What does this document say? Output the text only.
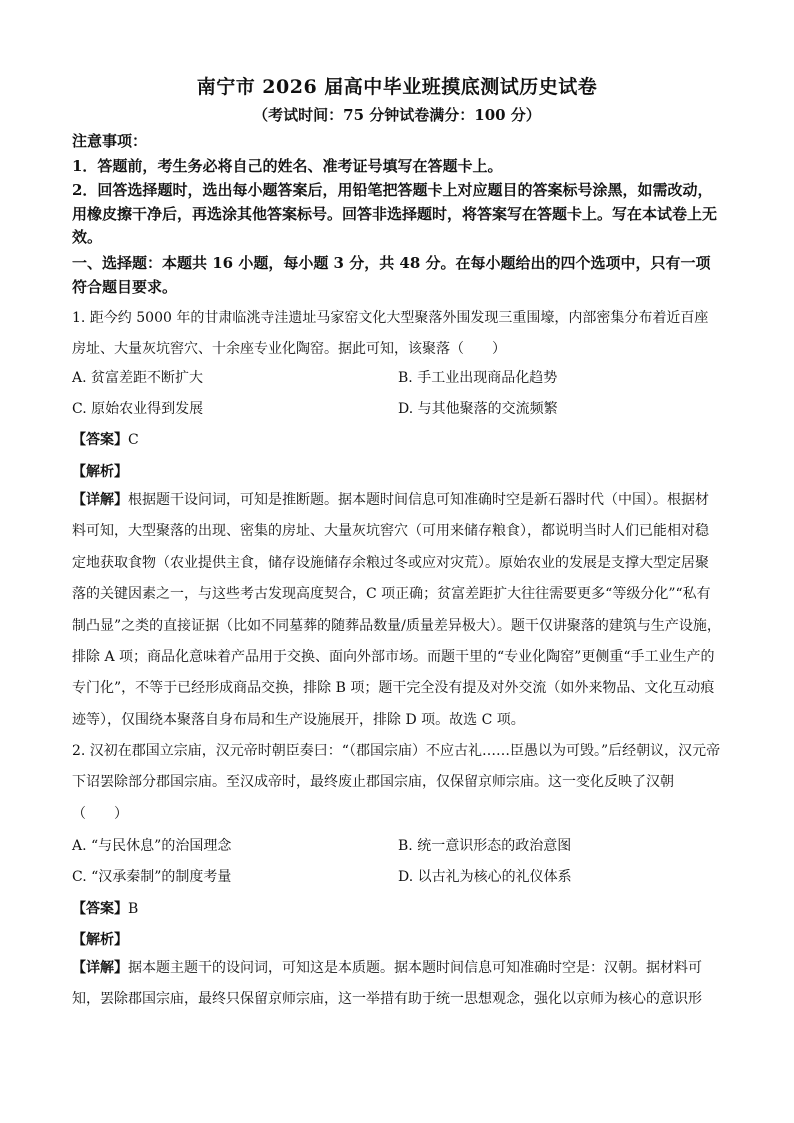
南宁市 2026 届高中毕业班摸底测试历史试卷
（考试时间：75 分钟试卷满分：100 分）
注意事项：
1．答题前，考生务必将自己的姓名、准考证号填写在答题卡上。
2．回答选择题时，选出每小题答案后，用铅笔把答题卡上对应题目的答案标号涂黑，如需改动，用橡皮擦干净后，再选涂其他答案标号。回答非选择题时，将答案写在答题卡上。写在本试卷上无效。
一、选择题：本题共 16 小题，每小题 3 分，共 48 分。在每小题给出的四个选项中，只有一项符合题目要求。
1. 距今约 5000 年的甘肃临洮寺洼遗址马家窑文化大型聚落外围发现三重围壕，内部密集分布着近百座房址、大量灰坑窖穴、十余座专业化陶窑。据此可知，该聚落（　　）
A. 贫富差距不断扩大	B. 手工业出现商品化趋势
C. 原始农业得到发展	D. 与其他聚落的交流频繁
【答案】C
【解析】
【详解】根据题干设问词，可知是推断题。据本题时间信息可知准确时空是新石器时代（中国）。根据材料可知，大型聚落的出现、密集的房址、大量灰坑窖穴（可用来储存粮食），都说明当时人们已能相对稳定地获取食物（农业提供主食，储存设施储存余粮过冬或应对灾荒）。原始农业的发展是支撑大型定居聚落的关键因素之一，与这些考古发现高度契合，C 项正确；贫富差距扩大往往需要更多“等级分化”“私有制凸显”之类的直接证据（比如不同墓葬的随葬品数量/质量差异极大）。题干仅讲聚落的建筑与生产设施，排除 A 项；商品化意味着产品用于交换、面向外部市场。而题干里的“专业化陶窑”更侧重“手工业生产的专门化”，不等于已经形成商品交换，排除 B 项；题干完全没有提及对外交流（如外来物品、文化互动痕迹等），仅围绕本聚落自身布局和生产设施展开，排除 D 项。故选 C 项。
2. 汉初在郡国立宗庙，汉元帝时朝臣奏曰：“（郡国宗庙）不应古礼……臣愚以为可毁。”后经朝议，汉元帝下诏罢除部分郡国宗庙。至汉成帝时，最终废止郡国宗庙，仅保留京师宗庙。这一变化反映了汉朝（　　）
A. “与民休息”的治国理念	B. 统一意识形态的政治意图
C. “汉承秦制”的制度考量	D. 以古礼为核心的礼仪体系
【答案】B
【解析】
【详解】据本题主题干的设问词，可知这是本质题。据本题时间信息可知准确时空是：汉朝。据材料可知，罢除郡国宗庙，最终只保留京师宗庙，这一举措有助于统一思想观念，强化以京师为核心的意识形
